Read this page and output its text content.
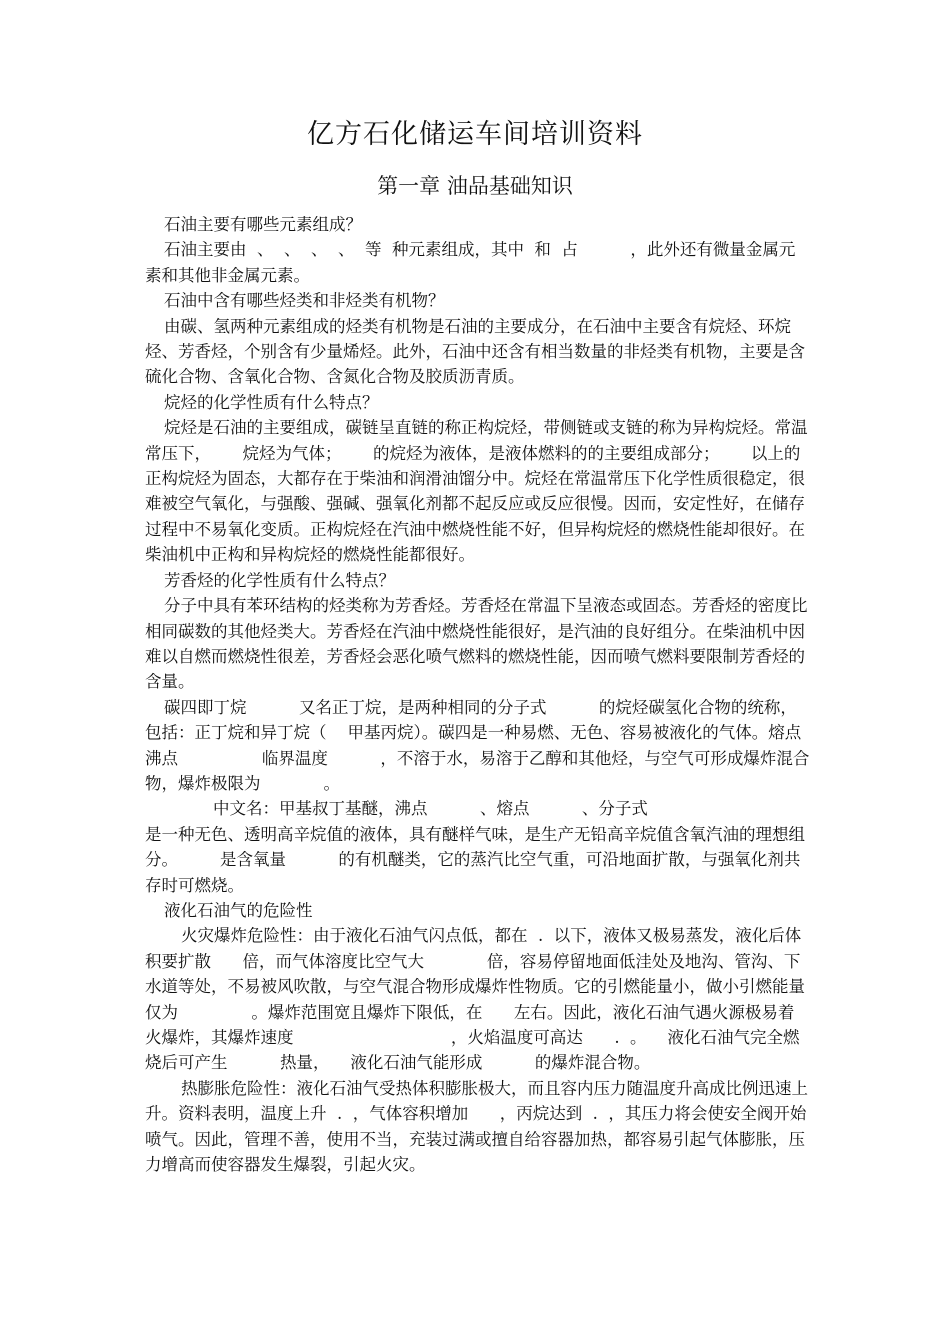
亿方石化储运车间培训资料
第一章 油品基础知识

石油主要有哪些元素组成？

石油主要由  、  、  、  、  等  种元素组成，其中  和  占          ，此外还有微量金属元素和其他非金属元素。

石油中含有哪些烃类和非烃类有机物？

由碳、氢两种元素组成的烃类有机物是石油的主要成分，在石油中主要含有烷烃、环烷烃、芳香烃，个别含有少量烯烃。此外，石油中还含有相当数量的非烃类有机物，主要是含硫化合物、含氧化合物、含氮化合物及胶质沥青质。

烷烃的化学性质有什么特点？

烷烃是石油的主要组成，碳链呈直链的称正构烷烃，带侧链或支链的称为异构烷烃。常温常压下，      烷烃为气体；      的烷烃为液体，是液体燃料的的主要组成部分；      以上的正构烷烃为固态，大都存在于柴油和润滑油馏分中。烷烃在常温常压下化学性质很稳定，很难被空气氧化，与强酸、强碱、强氧化剂都不起反应或反应很慢。因而，安定性好，在储存过程中不易氧化变质。正构烷烃在汽油中燃烧性能不好，但异构烷烃的燃烧性能却很好。在柴油机中正构和异构烷烃的燃烧性能都很好。

芳香烃的化学性质有什么特点？

分子中具有苯环结构的烃类称为芳香烃。芳香烃在常温下呈液态或固态。芳香烃的密度比相同碳数的其他烃类大。芳香烃在汽油中燃烧性能很好，是汽油的良好组分。在柴油机中因难以自燃而燃烧性很差，芳香烃会恶化喷气燃料的燃烧性能，因而喷气燃料要限制芳香烃的含量。

碳四即丁烷          又名正丁烷，是两种相同的分子式          的烷烃碳氢化合物的统称，包括：正丁烷和异丁烷（    甲基丙烷）。碳四是一种易燃、无色、容易被液化的气体。熔点                沸点                临界温度          ，不溶于水，易溶于乙醇和其他烃，与空气可形成爆炸混合物，爆炸极限为            。

中文名：甲基叔丁基醚，沸点          、熔点          、分子式

是一种无色、透明高辛烷值的液体，具有醚样气味，是生产无铅高辛烷值含氧汽油的理想组分。        是含氧量          的有机醚类，它的蒸汽比空气重，可沿地面扩散，与强氧化剂共存时可燃烧。

液化石油气的危险性

火灾爆炸危险性：由于液化石油气闪点低，都在  .  以下，液体又极易蒸发，液化后体积要扩散      倍，而气体溶度比空气大            倍，容易停留地面低洼处及地沟、管沟、下水道等处，不易被风吹散，与空气混合物形成爆炸性物质。它的引燃能量小，做小引燃能量仅为              。爆炸范围宽且爆炸下限低，在      左右。因此，液化石油气遇火源极易着火爆炸，其爆炸速度                              ，火焰温度可高达      .  。    液化石油气完全燃烧后可产生          热量，    液化石油气能形成          的爆炸混合物。

热膨胀危险性：液化石油气受热体积膨胀极大，而且容内压力随温度升高成比例迅速上升。资料表明，温度上升  .  ，气体容积增加      ，丙烷达到  .  ，其压力将会使安全阀开始喷气。因此，管理不善，使用不当，充装过满或擅自给容器加热，都容易引起气体膨胀，压力增高而使容器发生爆裂，引起火灾。
